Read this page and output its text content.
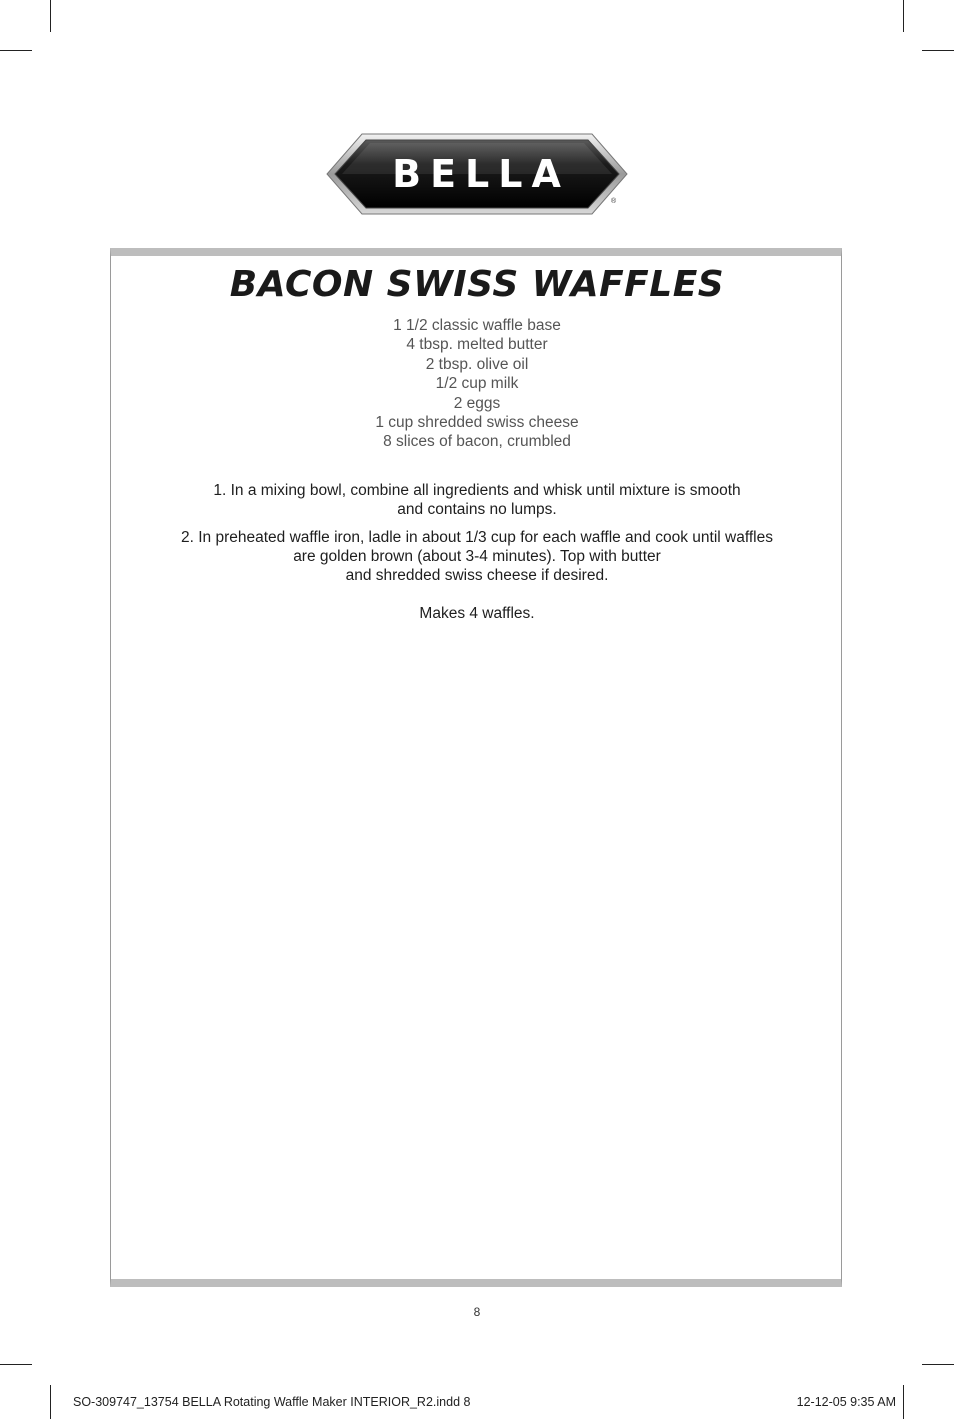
BELLA
®
BACON SWISS WAFFLES
1 1/2 classic waffle base
4 tbsp. melted butter
2 tbsp. olive oil
1/2 cup milk
2 eggs
1 cup shredded swiss cheese
8 slices of bacon, crumbled

1. In a mixing bowl, combine all ingredients and whisk until mixture is smooth
and contains no lumps.

2. In preheated waffle iron, ladle in about 1/3 cup for each waffle and cook until waffles
are golden brown (about 3-4 minutes). Top with butter
and shredded swiss cheese if desired.

Makes 4 waffles.

8
SO-309747_13754 BELLA Rotating Waffle Maker INTERIOR_R2.indd 8	12-12-05 9:35 AM
